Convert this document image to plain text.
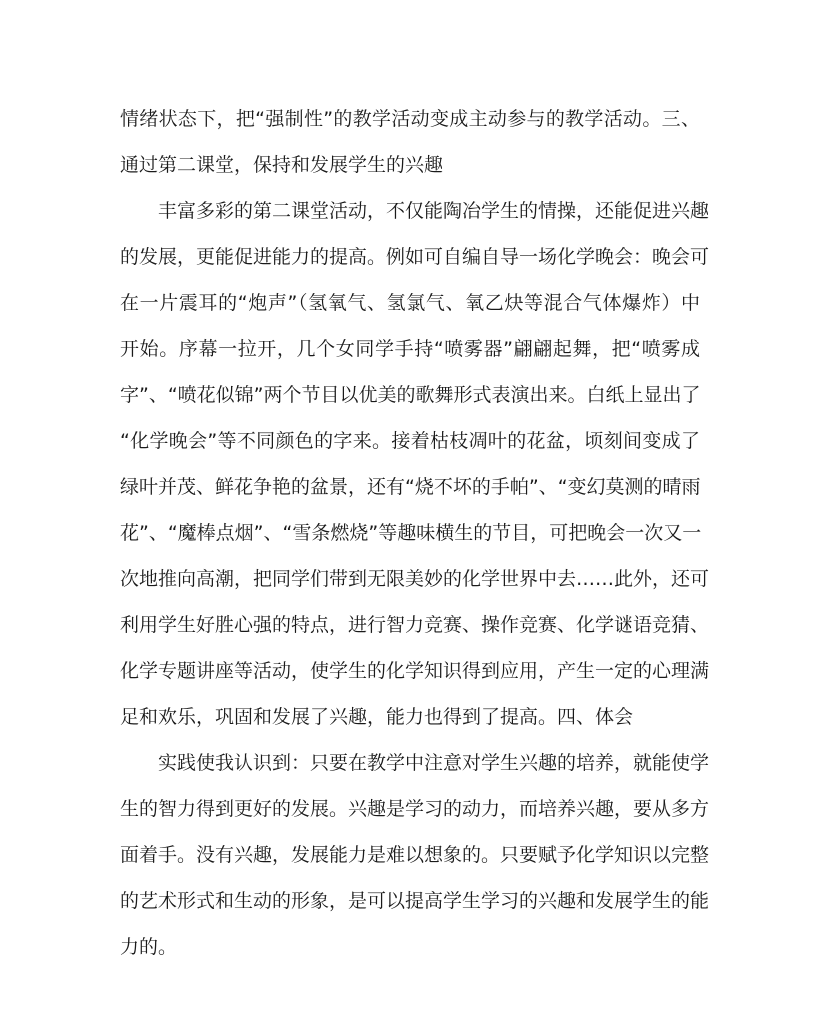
情绪状态下，把“强制性”的教学活动变成主动参与的教学活动。三、
通过第二课堂，保持和发展学生的兴趣
丰富多彩的第二课堂活动，不仅能陶冶学生的情操，还能促进兴趣
的发展，更能促进能力的提高。例如可自编自导一场化学晚会：晚会可
在一片震耳的“炮声”（氢氧气、氢氯气、氧乙炔等混合气体爆炸）中
开始。序幕一拉开，几个女同学手持“喷雾器”翩翩起舞，把“喷雾成
字”、“喷花似锦”两个节目以优美的歌舞形式表演出来。白纸上显出了
“化学晚会”等不同颜色的字来。接着枯枝凋叶的花盆，顷刻间变成了
绿叶并茂、鲜花争艳的盆景，还有“烧不坏的手帕”、“变幻莫测的晴雨
花”、“魔棒点烟”、“雪条燃烧”等趣味横生的节目，可把晚会一次又一
次地推向高潮，把同学们带到无限美妙的化学世界中去……此外，还可
利用学生好胜心强的特点，进行智力竞赛、操作竞赛、化学谜语竞猜、
化学专题讲座等活动，使学生的化学知识得到应用，产生一定的心理满
足和欢乐，巩固和发展了兴趣，能力也得到了提高。四、体会
实践使我认识到：只要在教学中注意对学生兴趣的培养，就能使学
生的智力得到更好的发展。兴趣是学习的动力，而培养兴趣，要从多方
面着手。没有兴趣，发展能力是难以想象的。只要赋予化学知识以完整
的艺术形式和生动的形象，是可以提高学生学习的兴趣和发展学生的能
力的。
